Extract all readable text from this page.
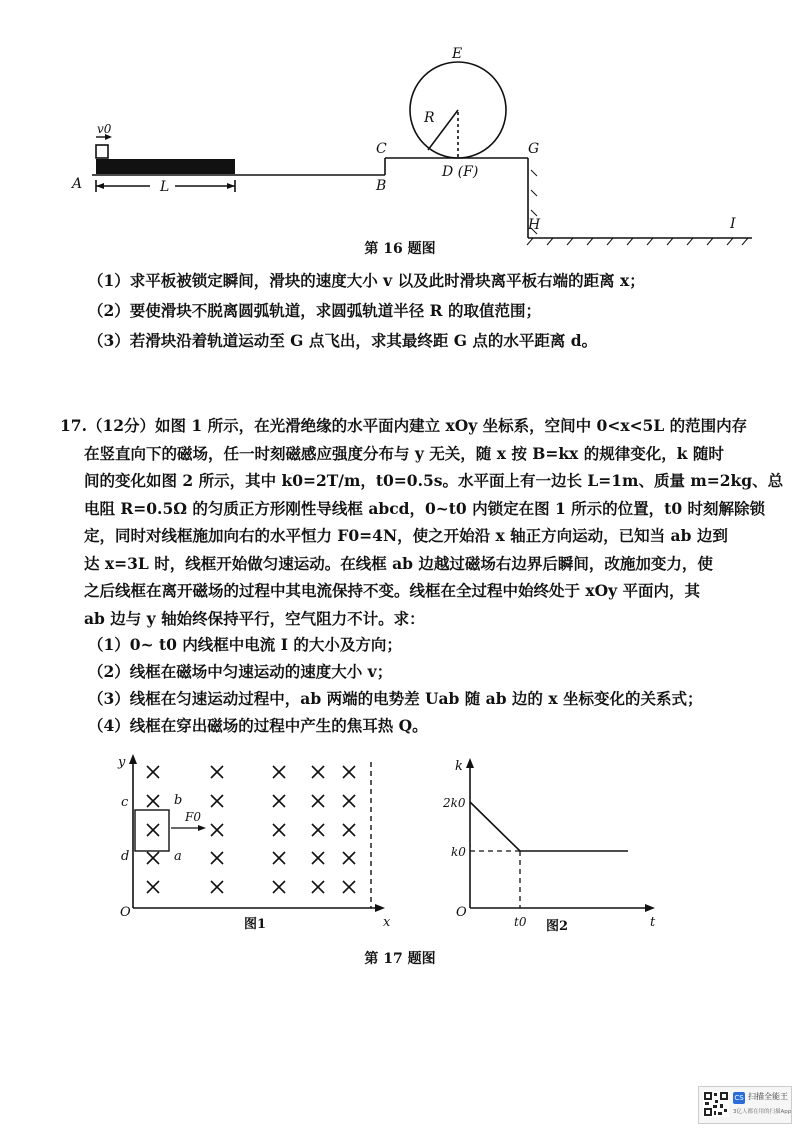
A	L
v0
B
C
D (F)
E
R
G
H	I
第 16 题图
（1）求平板被锁定瞬间，滑块的速度大小 v 以及此时滑块离平板右端的距离 x；
（2）要使滑块不脱离圆弧轨道，求圆弧轨道半径 R 的取值范围；
（3）若滑块沿着轨道运动至 G 点飞出，求其最终距 G 点的水平距离 d。
17.（12分）如图 1 所示，在光滑绝缘的水平面内建立 xOy 坐标系，空间中 0<x<5L 的范围内存
在竖直向下的磁场，任一时刻磁感应强度分布与 y 无关，随 x 按 B=kx 的规律变化，k 随时
间的变化如图 2 所示，其中 k0=2T/m，t0=0.5s。水平面上有一边长 L=1m、质量 m=2kg、总
电阻 R=0.5Ω 的匀质正方形刚性导线框 abcd，0~t0 内锁定在图 1 所示的位置，t0 时刻解除锁
定，同时对线框施加向右的水平恒力 F0=4N，使之开始沿 x 轴正方向运动，已知当 ab 边到
达 x=3L 时，线框开始做匀速运动。在线框 ab 边越过磁场右边界后瞬间，改施加变力，使
之后线框在离开磁场的过程中其电流保持不变。线框在全过程中始终处于 xOy 平面内，其
ab 边与 y 轴始终保持平行，空气阻力不计。求：
（1）0~ t0 内线框中电流 I 的大小及方向；
（2）线框在磁场中匀速运动的速度大小 v；
（3）线框在匀速运动过程中，ab 两端的电势差 Uab 随 ab 边的 x 坐标变化的关系式；
（4）线框在穿出磁场的过程中产生的焦耳热 Q。
y
x
O
c	b
d	a
F0
图1
k
t
O
2k0
k0
t0 图2
第 17 题图
CS 扫描全能王
3亿人都在用的扫描App
